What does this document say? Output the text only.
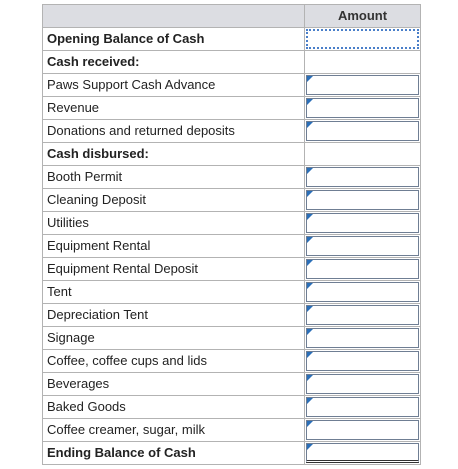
	Amount
Opening Balance of Cash	

Cash received:	
Paws Support Cash Advance	

Revenue	

Donations and returned deposits	

Cash disbursed:	
Booth Permit	

Cleaning Deposit	

Utilities	

Equipment Rental	

Equipment Rental Deposit	

Tent	

Depreciation Tent	

Signage	

Coffee, coffee cups and lids	

Beverages	

Baked Goods	

Coffee creamer, sugar, milk	

Ending Balance of Cash	
